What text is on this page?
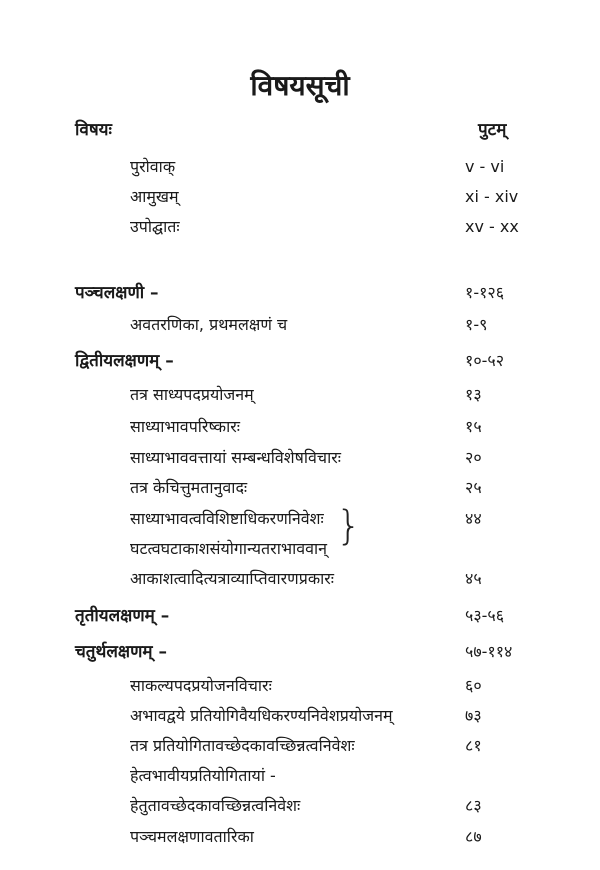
विषयसूची
विषयः	पुटम्
पुरोवाक्	v - vi
आमुखम्	xi - xiv
उपोद्घातः	xv - xx
पञ्चलक्षणी –	१-१२६
अवतरणिका, प्रथमलक्षणं च	१-९
द्वितीयलक्षणम् –	१०-५२
तत्र साध्यपदप्रयोजनम्	१३
साध्याभावपरिष्कारः	१५
साध्याभाववत्तायां सम्बन्धविशेषविचारः	२०
तत्र केचित्तुमतानुवादः	२५
साध्याभावत्वविशिष्टाधिकरणनिवेशः	४४
घटत्वघटाकाशसंयोगान्यतराभाववान् }
आकाशत्वादित्यत्राव्याप्तिवारणप्रकारः	४५
तृतीयलक्षणम् –	५३-५६
चतुर्थलक्षणम् –	५७-११४
साकल्यपदप्रयोजनविचारः	६०
अभावद्वये प्रतियोगिवैयधिकरण्यनिवेशप्रयोजनम्	७३
तत्र प्रतियोगितावच्छेदकावच्छिन्नत्वनिवेशः	८१
हेत्वभावीयप्रतियोगितायां -
हेतुतावच्छेदकावच्छिन्नत्वनिवेशः	८३
पञ्चमलक्षणावतारिका	८७
